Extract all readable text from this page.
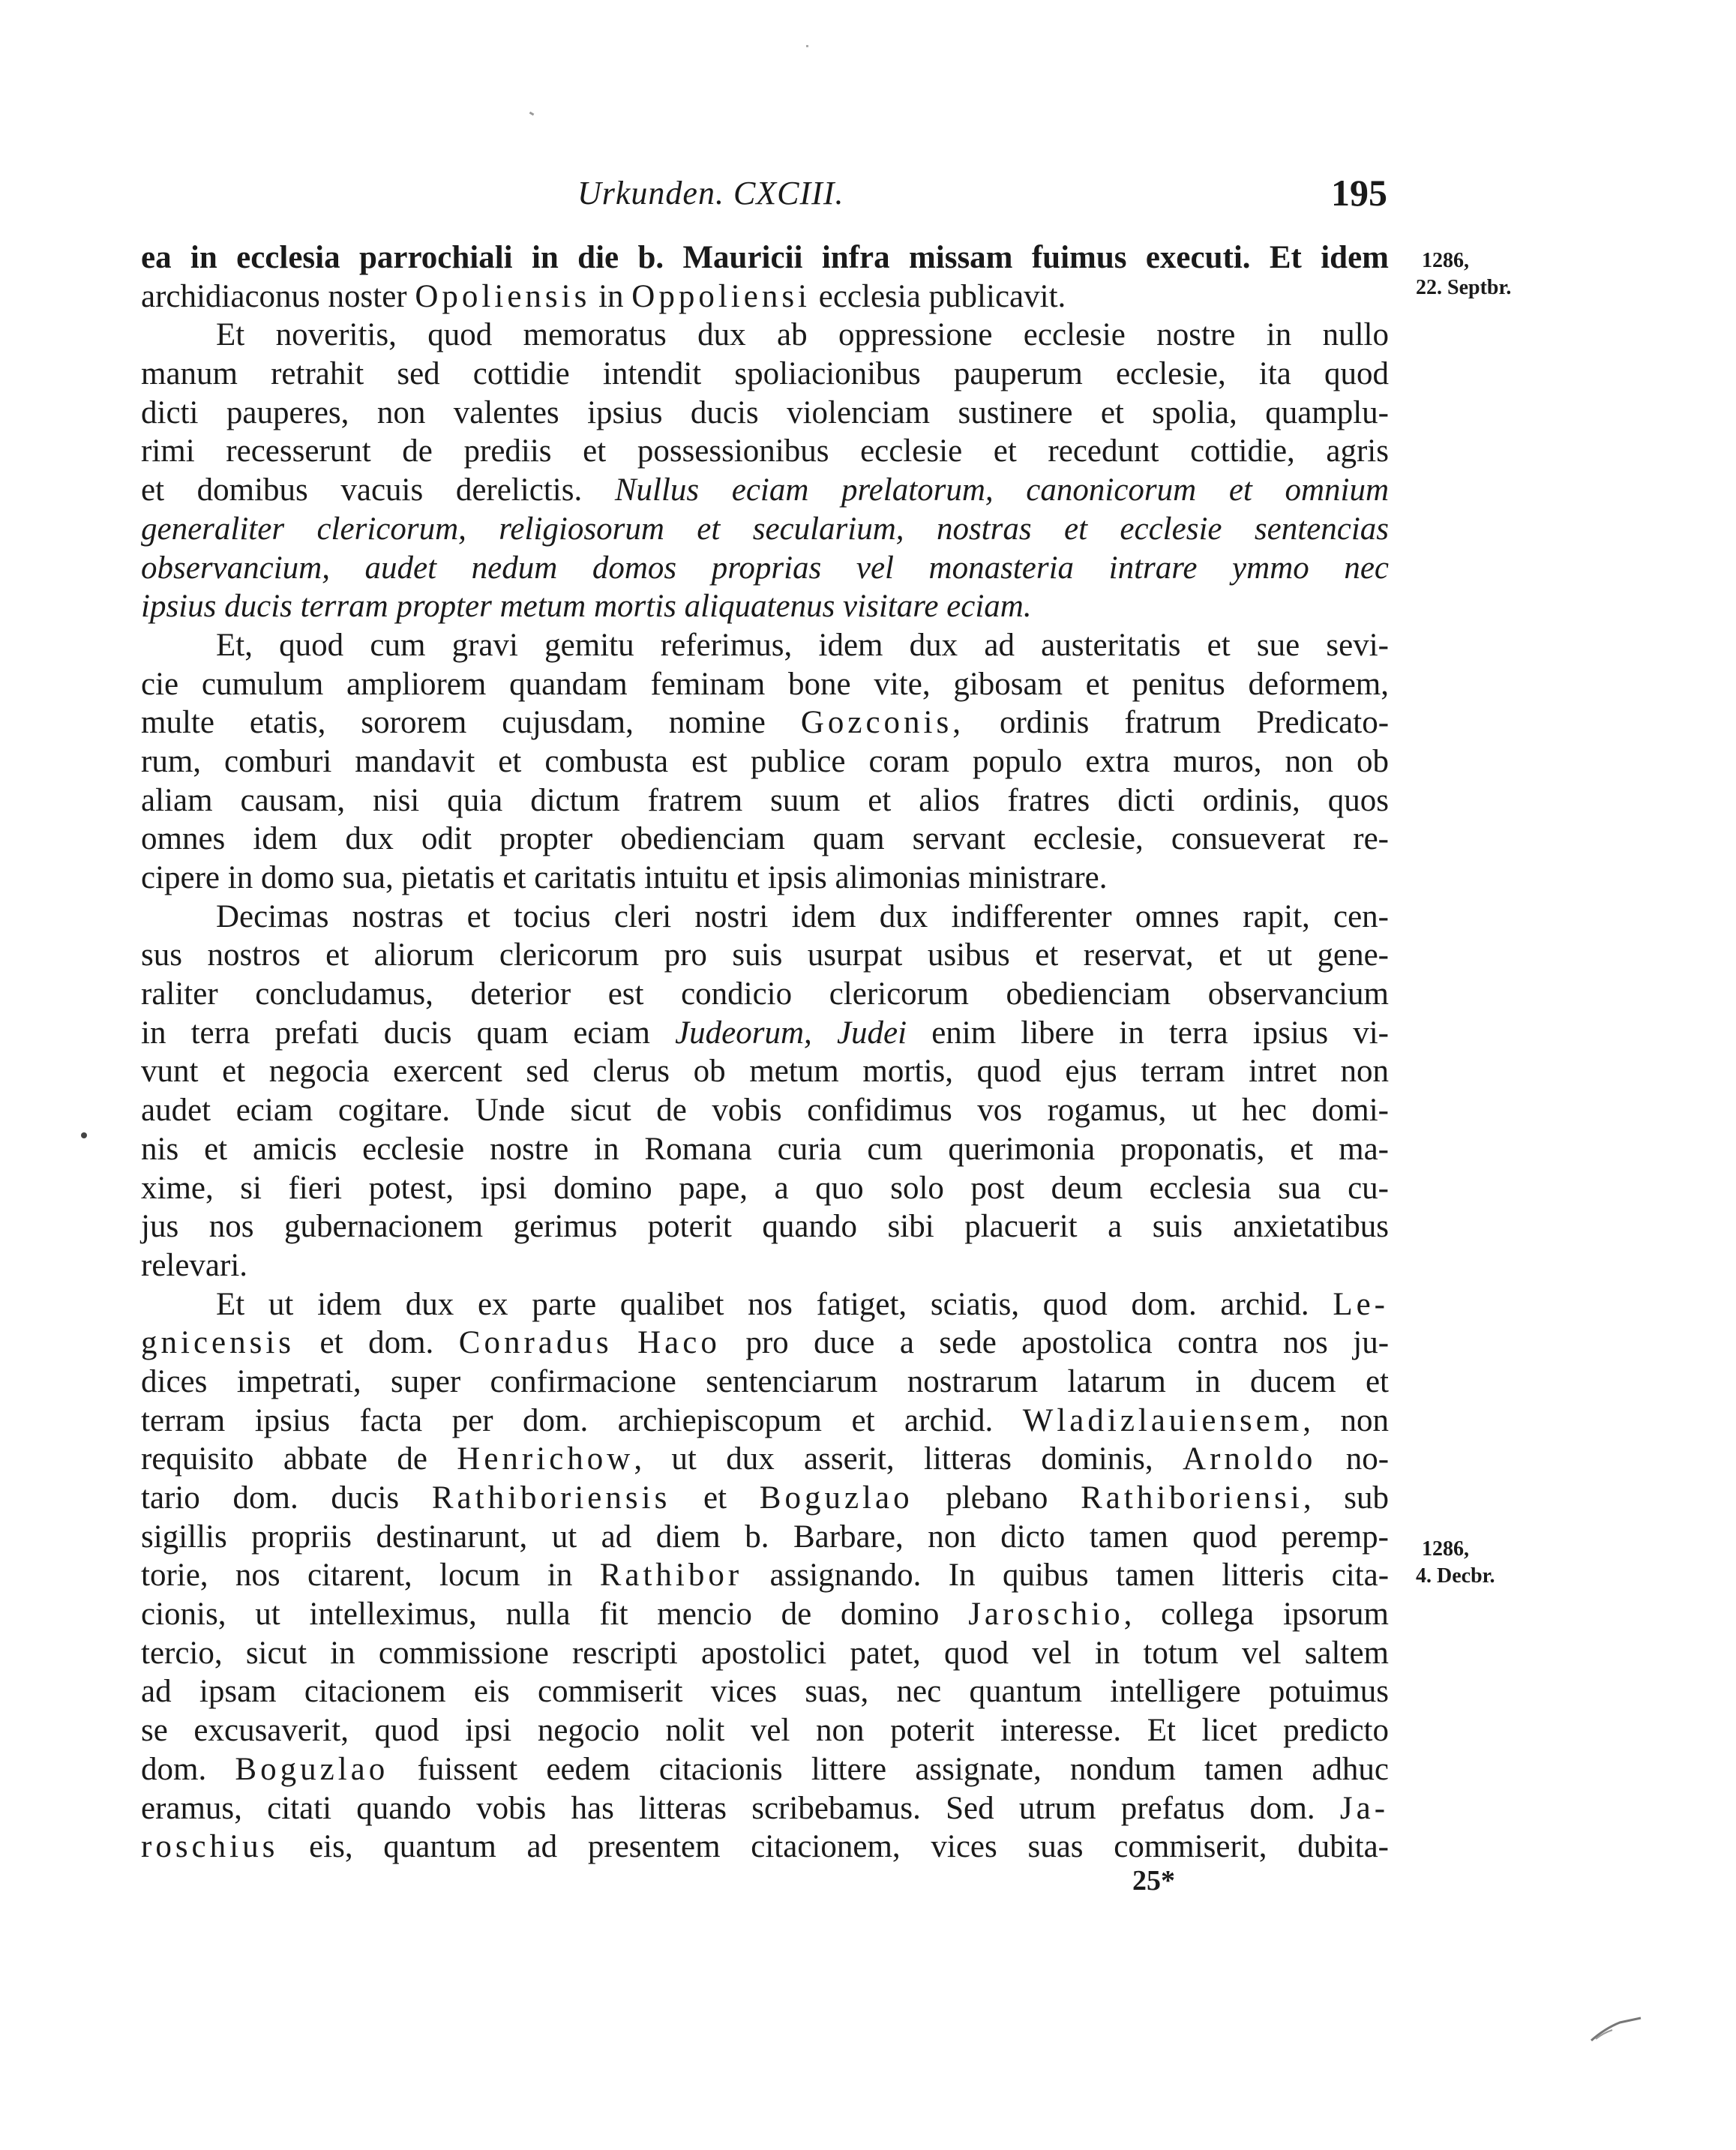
Urkunden. CXCIII.	195
1286,
22. Septbr.
1286,
4. Decbr.
ea in ecclesia parrochiali in die b. Mauricii infra missam fuimus executi. Et idem
archidiaconus noster Opoliensis in Oppoliensi ecclesia publicavit.
Et noveritis, quod memoratus dux ab oppressione ecclesie nostre in nullo
manum retrahit sed cottidie intendit spoliacionibus pauperum ecclesie, ita quod
dicti pauperes, non valentes ipsius ducis violenciam sustinere et spolia, quamplu-
rimi recesserunt de prediis et possessionibus ecclesie et recedunt cottidie, agris
et domibus vacuis derelictis. Nullus eciam prelatorum, canonicorum et omnium
generaliter clericorum, religiosorum et secularium, nostras et ecclesie sentencias
observancium, audet nedum domos proprias vel monasteria intrare ymmo nec
ipsius ducis terram propter metum mortis aliquatenus visitare eciam.
Et, quod cum gravi gemitu referimus, idem dux ad austeritatis et sue sevi-
cie cumulum ampliorem quandam feminam bone vite, gibosam et penitus deformem,
multe etatis, sororem cujusdam, nomine Gozconis, ordinis fratrum Predicato-
rum, comburi mandavit et combusta est publice coram populo extra muros, non ob
aliam causam, nisi quia dictum fratrem suum et alios fratres dicti ordinis, quos
omnes idem dux odit propter obedienciam quam servant ecclesie, consueverat re-
cipere in domo sua, pietatis et caritatis intuitu et ipsis alimonias ministrare.
Decimas nostras et tocius cleri nostri idem dux indifferenter omnes rapit, cen-
sus nostros et aliorum clericorum pro suis usurpat usibus et reservat, et ut gene-
raliter concludamus, deterior est condicio clericorum obedienciam observancium
in terra prefati ducis quam eciam Judeorum, Judei enim libere in terra ipsius vi-
vunt et negocia exercent sed clerus ob metum mortis, quod ejus terram intret non
audet eciam cogitare. Unde sicut de vobis confidimus vos rogamus, ut hec domi-
nis et amicis ecclesie nostre in Romana curia cum querimonia proponatis, et ma-
xime, si fieri potest, ipsi domino pape, a quo solo post deum ecclesia sua cu-
jus nos gubernacionem gerimus poterit quando sibi placuerit a suis anxietatibus
relevari.
Et ut idem dux ex parte qualibet nos fatiget, sciatis, quod dom. archid. Le-
gnicensis et dom. Conradus Haco pro duce a sede apostolica contra nos ju-
dices impetrati, super confirmacione sentenciarum nostrarum latarum in ducem et
terram ipsius facta per dom. archiepiscopum et archid. Wladizlauiensem, non
requisito abbate de Henrichow, ut dux asserit, litteras dominis, Arnoldo no-
tario dom. ducis Rathiboriensis et Boguzlao plebano Rathiboriensi, sub
sigillis propriis destinarunt, ut ad diem b. Barbare, non dicto tamen quod peremp-
torie, nos citarent, locum in Rathibor assignando. In quibus tamen litteris cita-
cionis, ut intelleximus, nulla fit mencio de domino Jaroschio, collega ipsorum
tercio, sicut in commissione rescripti apostolici patet, quod vel in totum vel saltem
ad ipsam citacionem eis commiserit vices suas, nec quantum intelligere potuimus
se excusaverit, quod ipsi negocio nolit vel non poterit interesse. Et licet predicto
dom. Boguzlao fuissent eedem citacionis littere assignate, nondum tamen adhuc
eramus, citati quando vobis has litteras scribebamus. Sed utrum prefatus dom. Ja-
roschius eis, quantum ad presentem citacionem, vices suas commiserit, dubita-
25*
